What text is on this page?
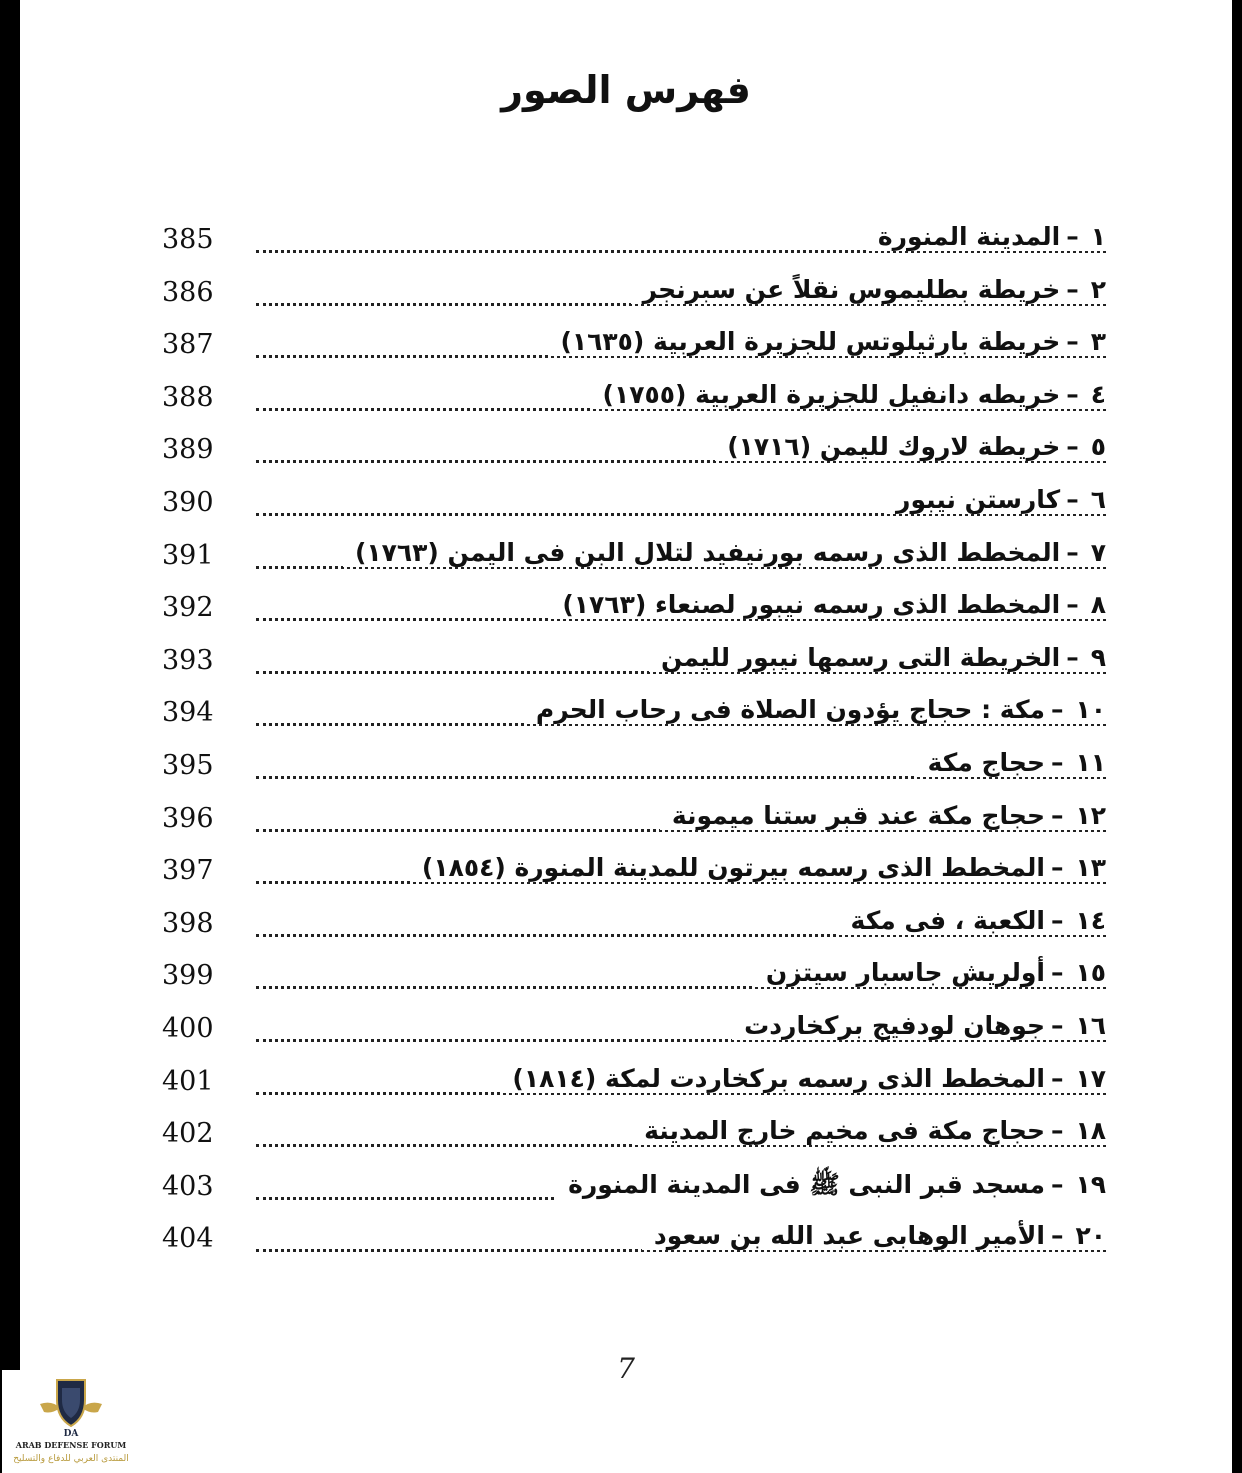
فهرس الصور
١–المدينة المنورة
385
٢–خريطة بطليموس نقلاً عن سبرنجر
386
٣–خريطة بارثيلوتس للجزيرة العربية (١٦٣٥)
387
٤–خريطه دانفيل للجزيرة العربية (١٧٥٥)
388
٥–خريطة لاروك لليمن (١٧١٦)
389
٦–كارستن نيبور
390
٧–المخطط الذى رسمه بورنيفيد لتلال البن فى اليمن (١٧٦٣)
391
٨–المخطط الذى رسمه نيبور لصنعاء (١٧٦٣)
392
٩–الخريطة التى رسمها نيبور لليمن
393
١٠–مكة : حجاج يؤدون الصلاة فى رحاب الحرم
394
١١–حجاج مكة
395
١٢–حجاج مكة عند قبر ستنا ميمونة
396
١٣–المخطط الذى رسمه بيرتون للمدينة المنورة (١٨٥٤)
397
١٤–الكعبة ، فى مكة
398
١٥–أولريش جاسبار سيتزن
399
١٦–جوهان لودفيج بركخاردت
400
١٧–المخطط الذى رسمه بركخاردت لمكة (١٨١٤)
401
١٨–حجاج مكة فى مخيم خارج المدينة
402
١٩–مسجد قبر النبى ﷺ فى المدينة المنورة
403
٢٠–الأمير الوهابى عبد الله بن سعود
404
7
DA
ARAB DEFENSE FORUM
المنتدى العربي للدفاع والتسليح
